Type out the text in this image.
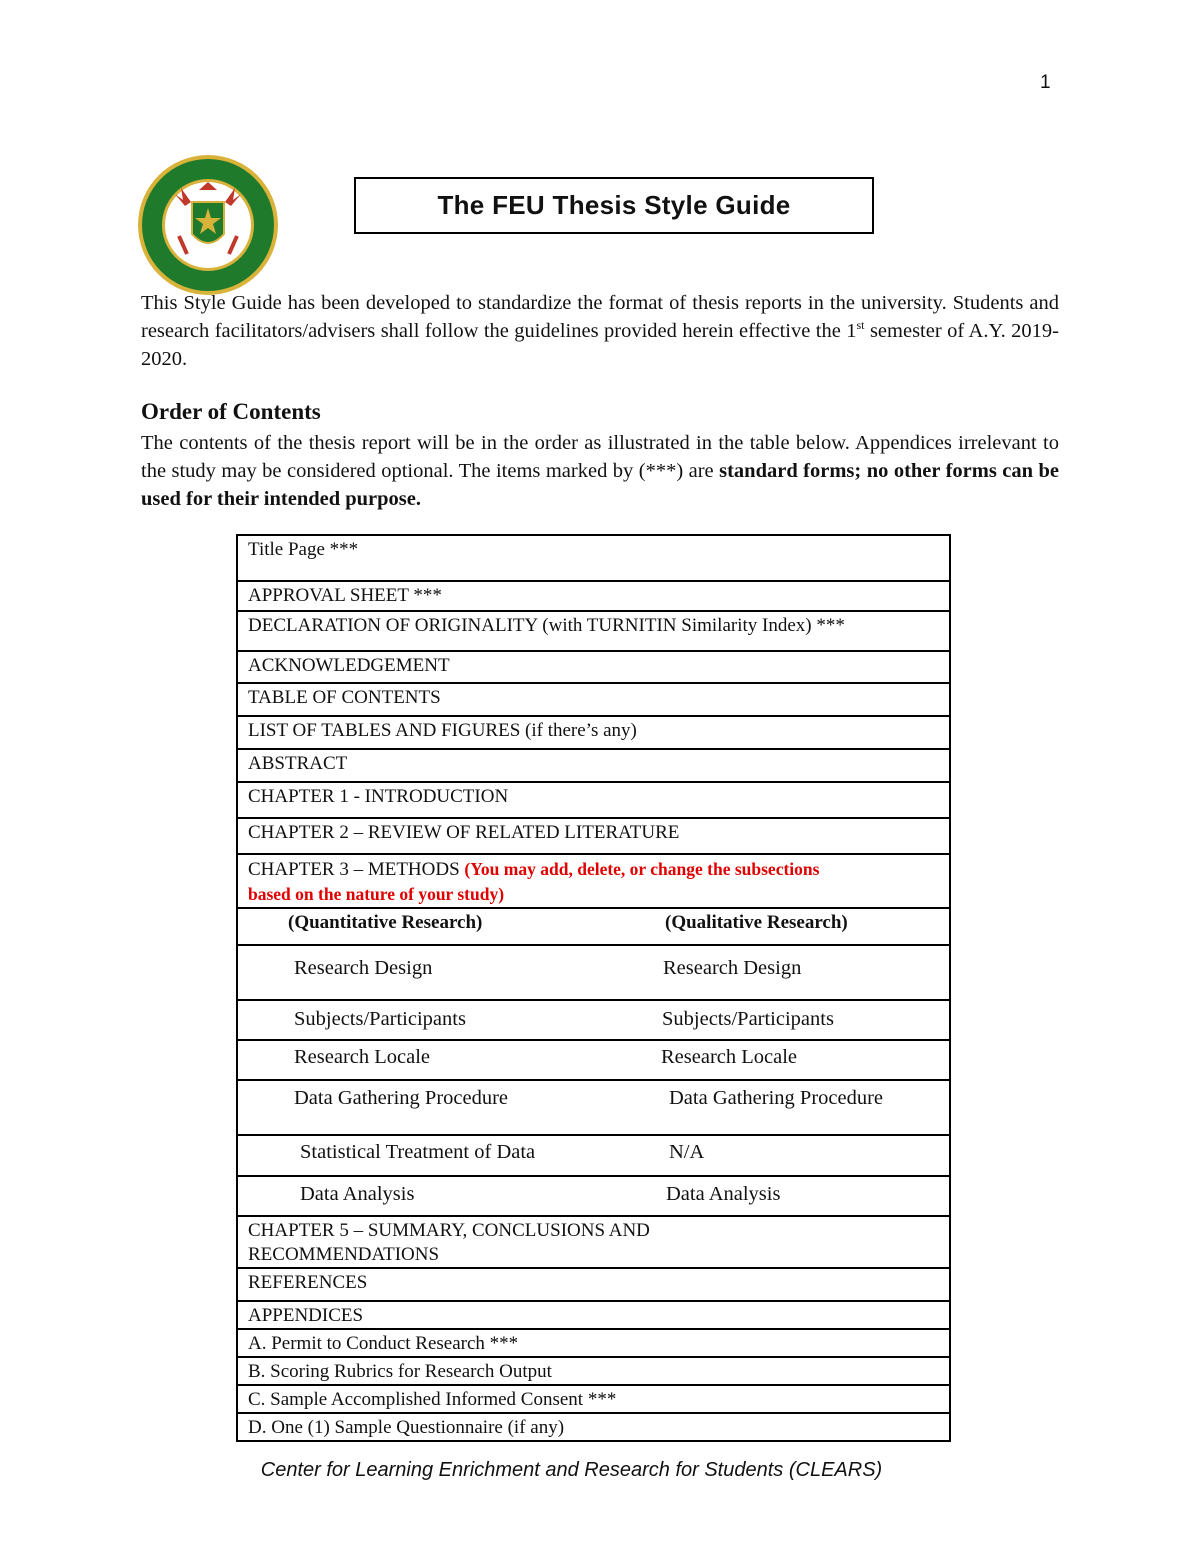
1
The FEU Thesis Style Guide

This Style Guide has been developed to standardize the format of thesis reports in the university. Students and research facilitators/advisers shall follow the guidelines provided herein effective the 1st semester of A.Y. 2019-2020.

Order of Contents

The contents of the thesis report will be in the order as illustrated in the table below. Appendices irrelevant to the study may be considered optional. The items marked by (***) are standard forms; no other forms can be used for their intended purpose.

Title Page ***
APPROVAL SHEET ***
DECLARATION OF ORIGINALITY (with TURNITIN Similarity Index) ***
ACKNOWLEDGEMENT
TABLE OF CONTENTS
LIST OF TABLES AND FIGURES (if there’s any)
ABSTRACT
CHAPTER 1 - INTRODUCTION
CHAPTER 2 – REVIEW OF RELATED LITERATURE
CHAPTER 3 – METHODS (You may add, delete, or change the subsections
based on the nature of your study)

(Quantitative Research)	(Qualitative Research)

Research Design	Research Design

Subjects/Participants	Subjects/Participants

Research Locale	Research Locale

Data Gathering Procedure	Data Gathering Procedure

Statistical Treatment of Data	N/A

Data Analysis	Data Analysis

CHAPTER 5 – SUMMARY, CONCLUSIONS AND
RECOMMENDATIONS
REFERENCES
APPENDICES
A. Permit to Conduct Research ***
B. Scoring Rubrics for Research Output
C. Sample Accomplished Informed Consent ***
D. One (1) Sample Questionnaire (if any)
Center for Learning Enrichment and Research for Students (CLEARS)
